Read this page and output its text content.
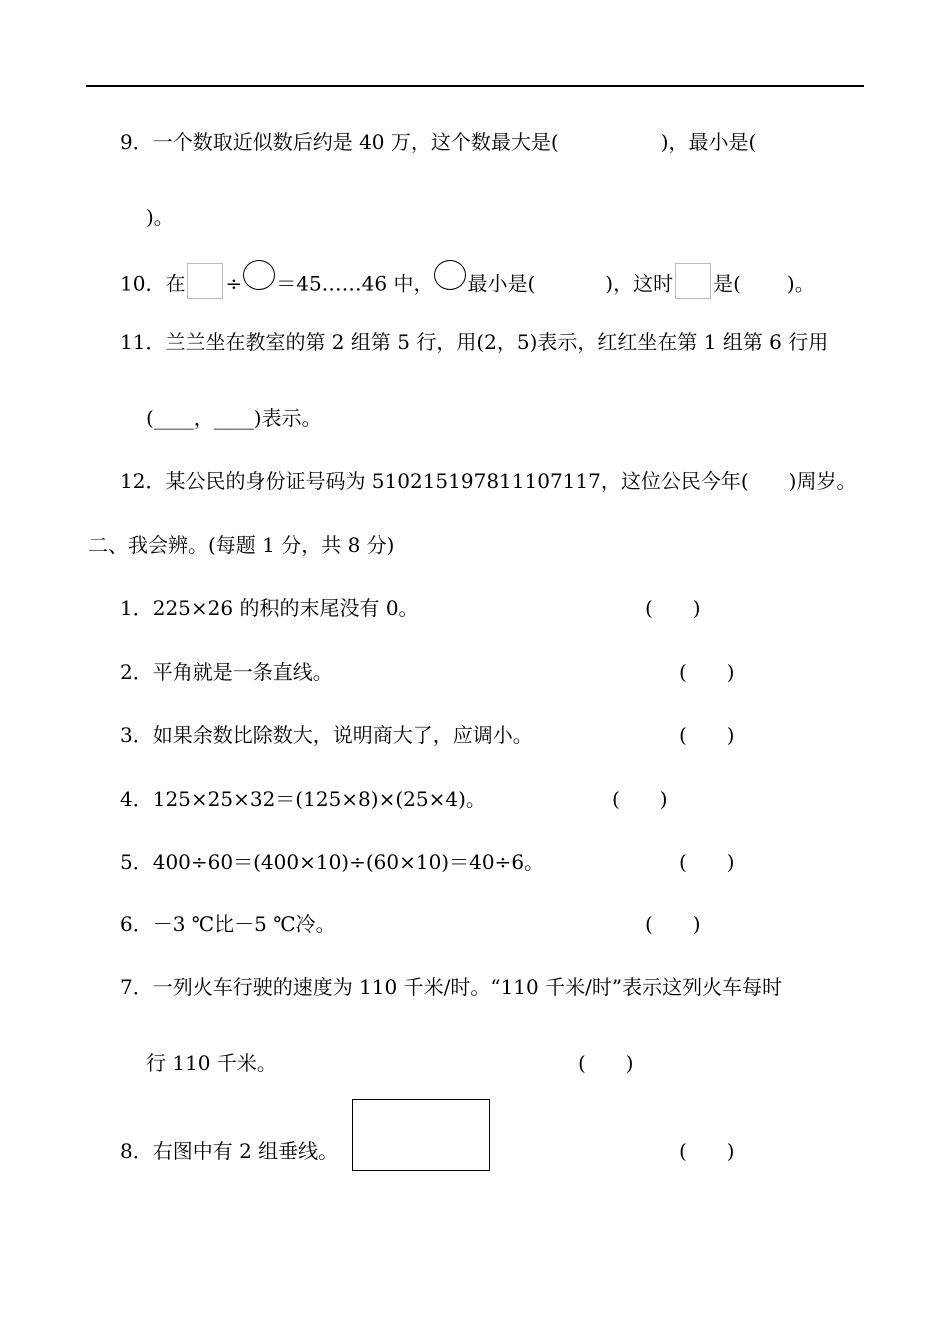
9．一个数取近似数后约是 40 万，这个数最大是(	)，最小是(
)。
10．在 ÷ ＝45……46 中， 最小是(	)，这时 是( )。
11．兰兰坐在教室的第 2 组第 5 行，用(2，5)表示，红红坐在第 1 组第 6 行用
(____，____)表示。
12．某公民的身份证号码为 510215197811107117，这位公民今年( )周岁。
二、我会辨。(每题 1 分，共 8 分)
1．225×26 的积的末尾没有 0。	(　　)
2．平角就是一条直线。	(　　)
3．如果余数比除数大，说明商大了，应调小。	(　　)
4．125×25×32＝(125×8)×(25×4)。	(　　)
5．400÷60＝(400×10)÷(60×10)＝40÷6。	(　　)
6．－3 ℃比－5 ℃冷。	(　　)
7．一列火车行驶的速度为 110 千米/时。“110 千米/时”表示这列火车每时
行 110 千米。	(　　)
8．右图中有 2 组垂线。	(　　)
